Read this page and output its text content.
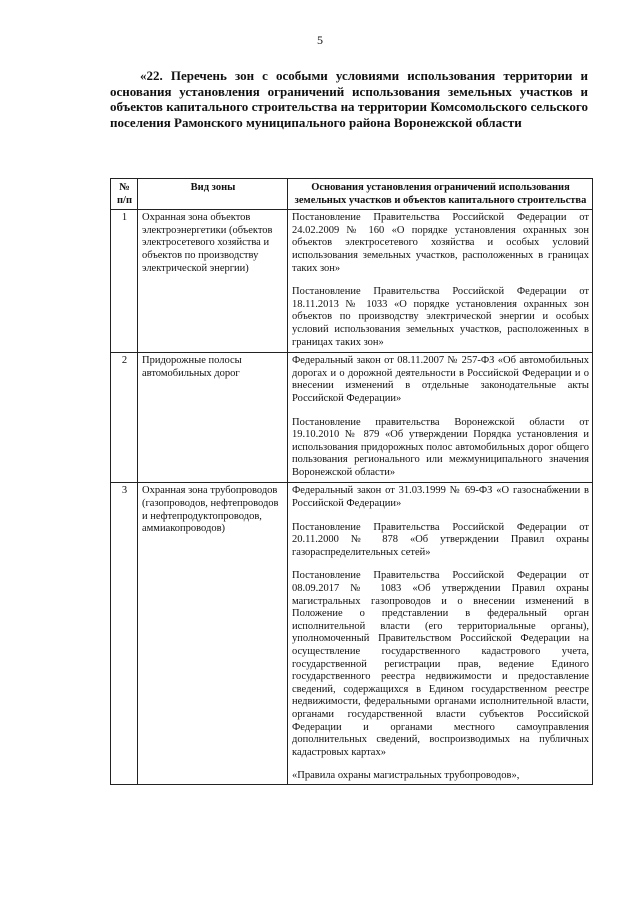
5
«22. Перечень зон с особыми условиями использования территории и основания установления ограничений использования земельных участков и объектов капитального строительства на территории Комсомольского сельского поселения Рамонского муниципального района Воронежской области
№ п/п	Вид зоны	Основания установления ограничений использования земельных участков и объектов капитального строительства
1	Охранная зона объектов электроэнергетики (объектов электросетевого хозяйства и объектов по производству электрической энергии)	Постановление Правительства Российской Федерации от 24.02.2009 № 160 «О порядке установления охранных зон объектов электросетевого хозяйства и особых условий использования земельных участков, расположенных в границах таких зон»

Постановление Правительства Российской Федерации от 18.11.2013 № 1033 «О порядке установления охранных зон объектов по производству электрической энергии и особых условий использования земельных участков, расположенных в границах таких зон»

2	Придорожные полосы автомобильных дорог	Федеральный закон от 08.11.2007 № 257-ФЗ «Об автомобильных дорогах и о дорожной деятельности в Российской Федерации и о внесении изменений в отдельные законодательные акты Российской Федерации»

Постановление правительства Воронежской области от 19.10.2010 № 879 «Об утверждении Порядка установления и использования придорожных полос автомобильных дорог общего пользования регионального или межмуниципального значения Воронежской области»

3	Охранная зона трубопроводов (газопроводов, нефтепроводов и нефтепродуктопроводов, аммиакопроводов)	Федеральный закон от 31.03.1999 № 69-ФЗ «О газоснабжении в Российской Федерации»

Постановление Правительства Российской Федерации от 20.11.2000 № 878 «Об утверждении Правил охраны газораспределительных сетей»

Постановление Правительства Российской Федерации от 08.09.2017 № 1083 «Об утверждении Правил охраны магистральных газопроводов и о внесении изменений в Положение о представлении в федеральный орган исполнительной власти (его территориальные органы), уполномоченный Правительством Российской Федерации на осуществление государственного кадастрового учета, государственной регистрации прав, ведение Единого государственного реестра недвижимости и предоставление сведений, содержащихся в Едином государственном реестре недвижимости, федеральными органами исполнительной власти, органами государственной власти субъектов Российской Федерации и органами местного самоуправления дополнительных сведений, воспроизводимых на публичных кадастровых картах»

«Правила охраны магистральных трубопроводов»,
